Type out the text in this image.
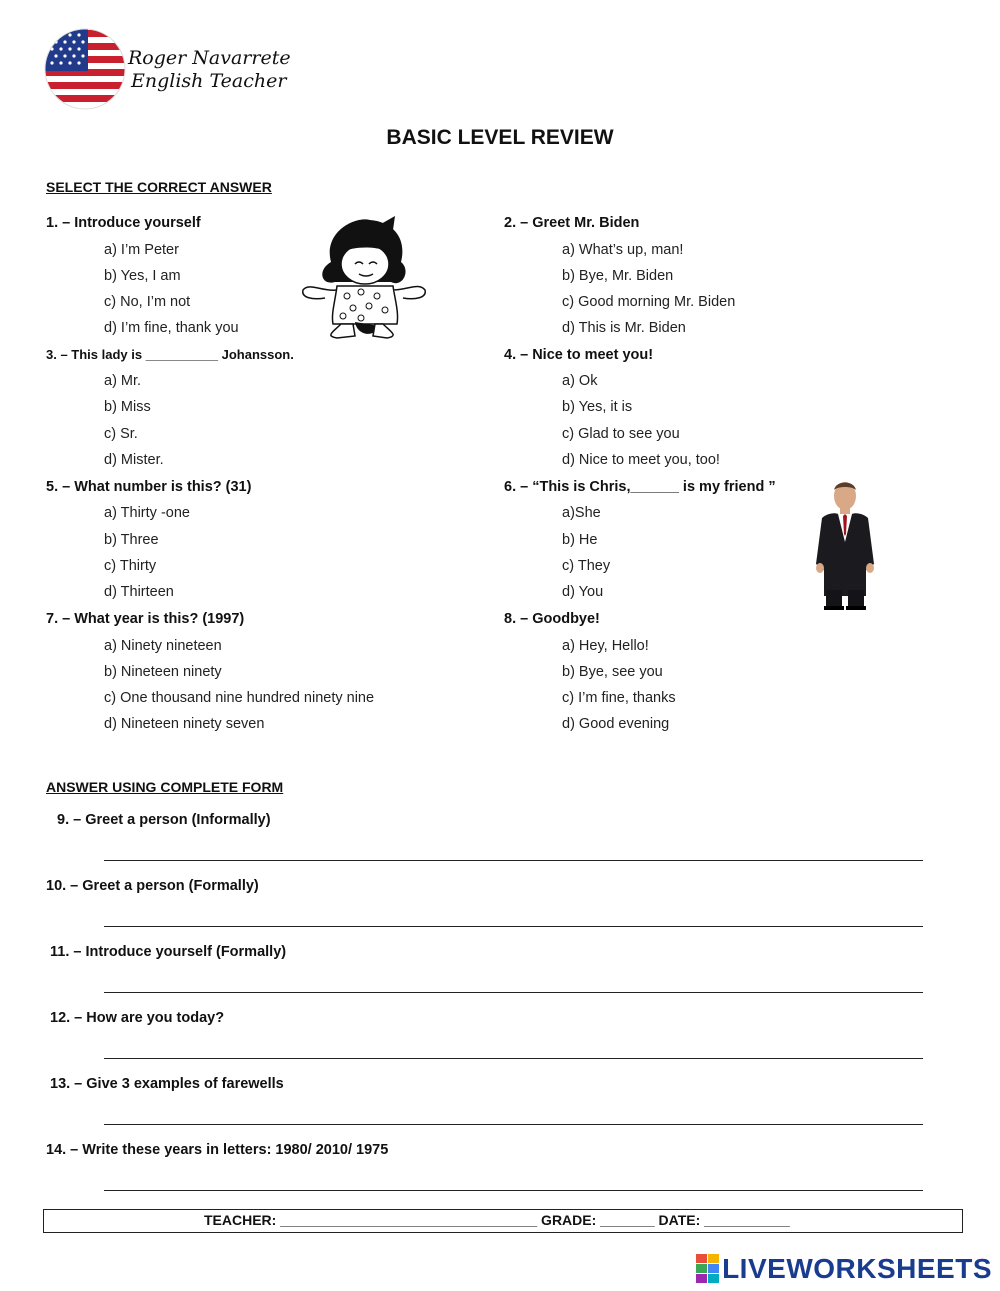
Roger Navarrete
English Teacher
BASIC LEVEL REVIEW
SELECT THE CORRECT ANSWER
1. – Introduce yourself
a) I’m Peter
b) Yes, I am
c) No, I’m not
d) I’m fine, thank you
2. – Greet Mr. Biden
a) What’s up, man!
b) Bye, Mr. Biden
c) Good morning Mr. Biden
d) This is Mr. Biden
3. – This lady is __________ Johansson.
a) Mr.
b) Miss
c) Sr.
d) Mister.
4. – Nice to meet you!
a) Ok
b) Yes, it is
c) Glad to see you
d) Nice to meet you, too!
5. – What number is this? (31)
a) Thirty -one
b) Three
c) Thirty
d) Thirteen
6. – “This is Chris,______ is my friend ”
a)She
b) He
c) They
d) You
7. – What year is this? (1997)
a) Ninety nineteen
b) Nineteen ninety
c) One thousand nine hundred ninety nine
d) Nineteen ninety seven
8. – Goodbye!
a) Hey, Hello!
b) Bye, see you
c) I’m fine, thanks
d) Good evening
ANSWER USING COMPLETE FORM
9. – Greet a person (Informally)
10. – Greet a person (Formally)
11. – Introduce yourself (Formally)
12. – How are you today?
13. – Give 3 examples of farewells
14. – Write these years in letters: 1980/ 2010/ 1975
TEACHER: _________________________________ GRADE: _______ DATE: ___________
LIVEWORKSHEETS
